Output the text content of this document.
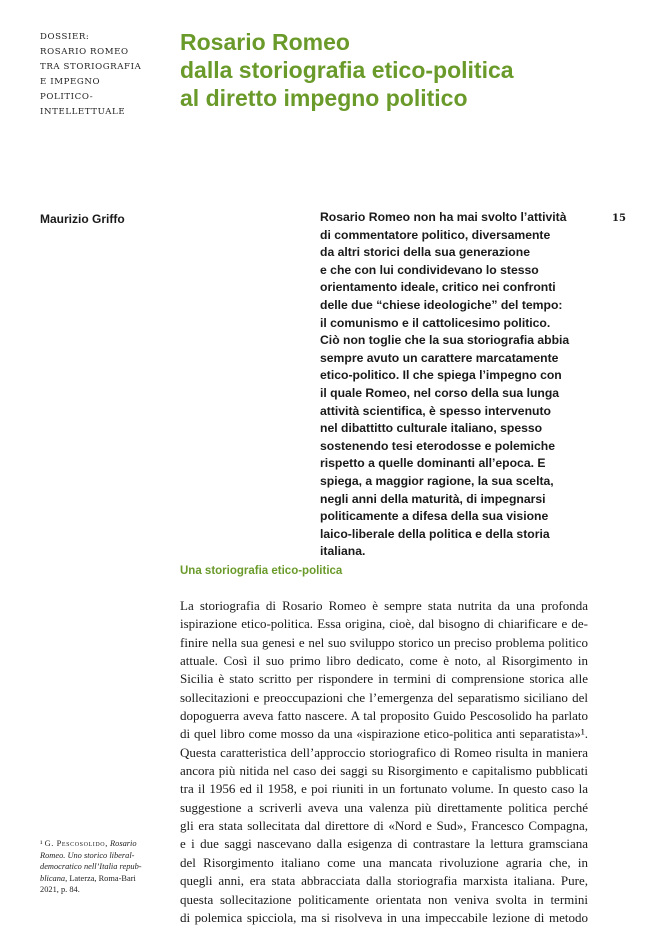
DOSSIER:
ROSARIO ROMEO
TRA STORIOGRAFIA
E IMPEGNO
POLITICO-
INTELLETTUALE
Rosario Romeo
dalla storiografia etico-politica
al diretto impegno politico
Maurizio Griffo	15
Rosario Romeo non ha mai svolto l’attività
di commentatore politico, diversamente
da altri storici della sua generazione
e che con lui condividevano lo stesso
orientamento ideale, critico nei confronti
delle due “chiese ideologiche” del tempo:
il comunismo e il cattolicesimo politico.
Ciò non toglie che la sua storiografia abbia
sempre avuto un carattere marcatamente
etico-politico. Il che spiega l’impegno con
il quale Romeo, nel corso della sua lunga
attività scientifica, è spesso intervenuto
nel dibattitto culturale italiano, spesso
sostenendo tesi eterodosse e polemiche
rispetto a quelle dominanti all’epoca. E
spiega, a maggior ragione, la sua scelta,
negli anni della maturità, di impegnarsi
politicamente a difesa della sua visione
laico-liberale della politica e della storia
italiana.
Una storiografia etico-politica
La storiografia di Rosario Romeo è sempre stata nutrita da una profonda
ispirazione etico-politica. Essa origina, cioè, dal bisogno di chiarificare e de-
finire nella sua genesi e nel suo sviluppo storico un preciso problema politico
attuale. Così il suo primo libro dedicato, come è noto, al Risorgimento in
Sicilia è stato scritto per rispondere in termini di comprensione storica alle
sollecitazioni e preoccupazioni che l’emergenza del separatismo siciliano del
dopoguerra aveva fatto nascere. A tal proposito Guido Pescosolido ha parlato
di quel libro come mosso da una «ispirazione etico-politica anti separatista»¹.
Questa caratteristica dell’approccio storiografico di Romeo risulta in maniera
ancora più nitida nel caso dei saggi su Risorgimento e capitalismo pubblicati
tra il 1956 ed il 1958, e poi riuniti in un fortunato volume. In questo caso la
suggestione a scriverli aveva una valenza più direttamente politica perché
gli era stata sollecitata dal direttore di «Nord e Sud», Francesco Compagna,
e i due saggi nascevano dalla esigenza di contrastare la lettura gramsciana
del Risorgimento italiano come una mancata rivoluzione agraria che, in
quegli anni, era stata abbracciata dalla storiografia marxista italiana. Pure,
questa sollecitazione politicamente orientata non veniva svolta in termini
di polemica spicciola, ma si risolveva in una impeccabile lezione di metodo
¹ G. Pescosolido, Rosario
Romeo. Uno storico liberal-
democratico nell’Italia repub-
blicana, Laterza, Roma-Bari
2021, p. 84.
